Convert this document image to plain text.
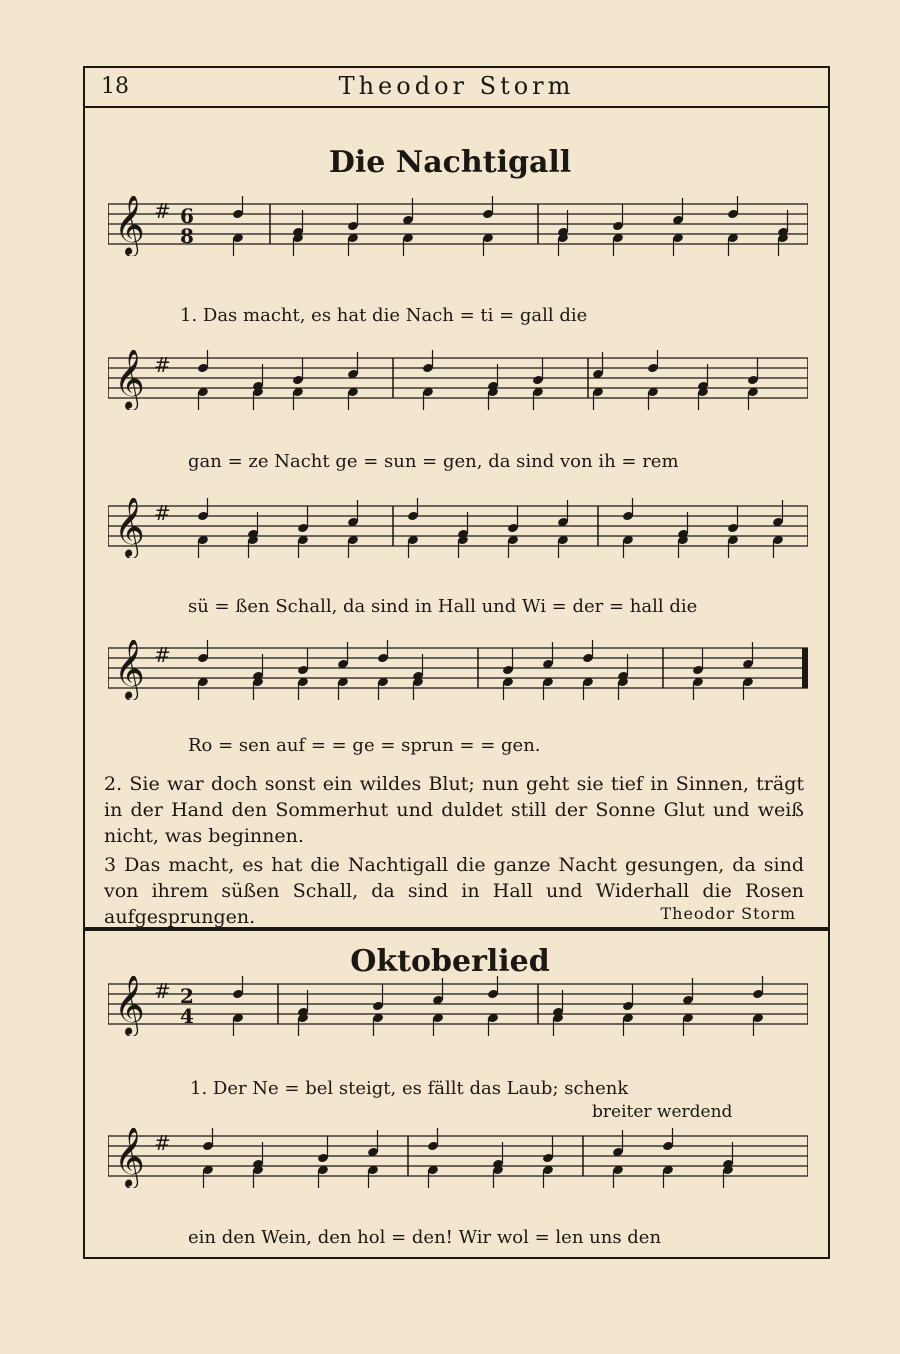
18	Theodor Storm
Die Nachtigall
𝄞 # 6
8
1. Das macht, es hat die Nach = ti = gall die
𝄞 #
gan = ze Nacht ge = sun = gen, da sind von ih = rem
𝄞 #
sü = ßen Schall, da sind in Hall und Wi = der = hall die
𝄞 #
Ro = sen auf = = ge = sprun = = gen.
2. Sie war doch sonst ein wildes Blut; nun geht sie tief in Sinnen, trägt in der Hand den Sommerhut und duldet still der Sonne Glut und weiß nicht, was beginnen.
3 Das macht, es hat die Nachtigall die ganze Nacht gesungen, da sind von ihrem süßen Schall, da sind in Hall und Widerhall die Rosen aufgesprungen.	Theodor Storm
Oktoberlied
𝄞 # 2
4
1. Der Ne = bel steigt, es fällt das Laub; schenk
breiter werdend
𝄞 #
ein den Wein, den hol = den! Wir wol = len uns den
